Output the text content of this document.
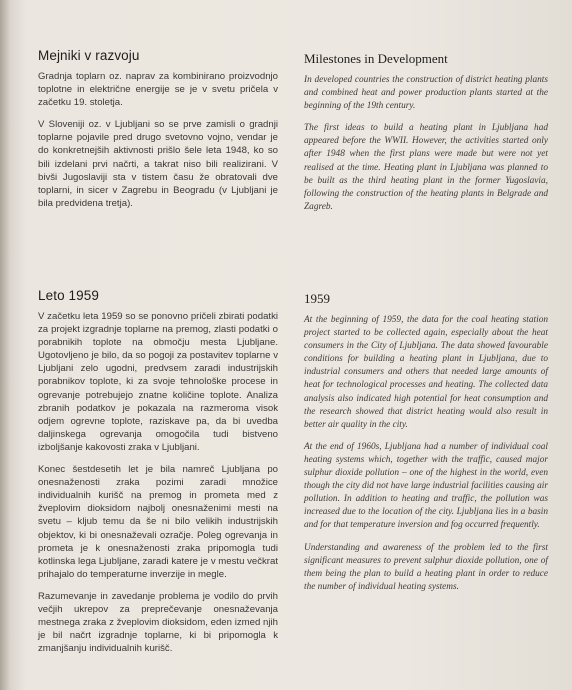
Mejniki v razvoju

Gradnja toplarn oz. naprav za kombinirano proizvodnjo toplotne in električne energije se je v svetu pričela v začetku 19. stoletja.

V Sloveniji oz. v Ljubljani so se prve zamisli o gradnji toplarne pojavile pred drugo svetovno vojno, vendar je do konkretnejših aktivnosti prišlo šele leta 1948, ko so bili izdelani prvi načrti, a takrat niso bili realizirani. V bivši Jugoslaviji sta v tistem času že obratovali dve toplarni, in sicer v Zagrebu in Beogradu (v Ljubljani je bila predvidena tretja).

Leto 1959

V začetku leta 1959 so se ponovno pričeli zbirati podatki za projekt izgradnje toplarne na premog, zlasti podatki o porabnikih toplote na območju mesta Ljubljane. Ugotovljeno je bilo, da so pogoji za postavitev toplarne v Ljubljani zelo ugodni, predvsem zaradi industrijskih porabnikov toplote, ki za svoje tehnološke procese in ogrevanje potrebujejo znatne količine toplote. Analiza zbranih podatkov je pokazala na razmeroma visok odjem ogrevne toplote, raziskave pa, da bi uvedba daljinskega ogrevanja omogočila tudi bistveno izboljšanje kakovosti zraka v Ljubljani.

Konec šestdesetih let je bila namreč Ljubljana po onesnaženosti zraka pozimi zaradi množice individualnih kurišč na premog in prometa med z žveplovim dioksidom najbolj onesnaženimi mesti na svetu – kljub temu da še ni bilo velikih industrijskih objektov, ki bi onesnaževali ozračje. Poleg ogrevanja in prometa je k onesnaženosti zraka pripomogla tudi kotlinska lega Ljubljane, zaradi katere je v mestu večkrat prihajalo do temperaturne inverzije in megle.

Razumevanje in zavedanje problema je vodilo do prvih večjih ukrepov za preprečevanje onesnaževanja mestnega zraka z žveplovim dioksidom, eden izmed njih je bil načrt izgradnje toplarne, ki bi pripomogla k zmanjšanju individualnih kurišč.

Milestones in Development

In developed countries the construction of district heating plants and combined heat and power production plants started at the beginning of the 19th century.

The first ideas to build a heating plant in Ljubljana had appeared before the WWII. However, the activities started only after 1948 when the first plans were made but were not yet realised at the time. Heating plant in Ljubljana was planned to be built as the third heating plant in the former Yugoslavia, following the construction of the heating plants in Belgrade and Zagreb.

1959

At the beginning of 1959, the data for the coal heating station project started to be collected again, especially about the heat consumers in the City of Ljubljana. The data showed favourable conditions for building a heating plant in Ljubljana, due to industrial consumers and others that needed large amounts of heat for technological processes and heating. The collected data analysis also indicated high potential for heat consumption and the research showed that district heating would also result in better air quality in the city.

At the end of 1960s, Ljubljana had a number of individual coal heating systems which, together with the traffic, caused major sulphur dioxide pollution – one of the highest in the world, even though the city did not have large industrial facilities causing air pollution. In addition to heating and traffic, the pollution was increased due to the location of the city. Ljubljana lies in a basin and for that temperature inversion and fog occurred frequently.

Understanding and awareness of the problem led to the first significant measures to prevent sulphur dioxide pollution, one of them being the plan to build a heating plant in order to reduce the number of individual heating systems.
